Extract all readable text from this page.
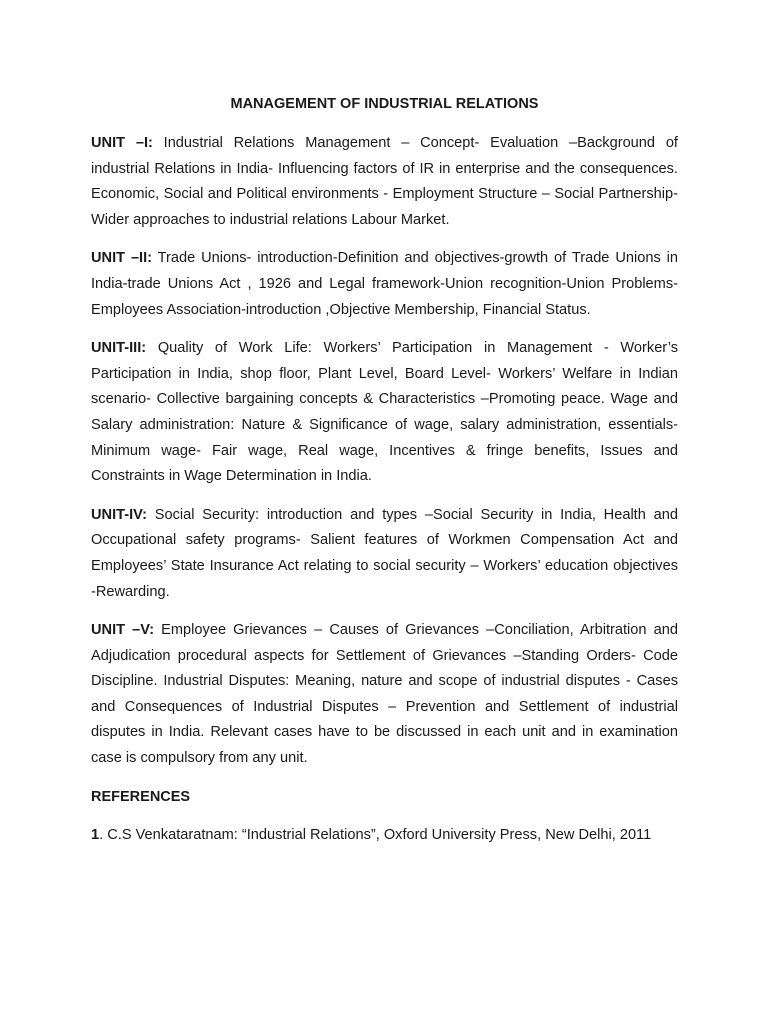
MANAGEMENT OF INDUSTRIAL RELATIONS

UNIT –I: Industrial Relations Management – Concept- Evaluation –Background of industrial Relations in India- Influencing factors of IR in enterprise and the consequences. Economic, Social and Political environments - Employment Structure – Social Partnership-Wider approaches to industrial relations Labour Market.

UNIT –II: Trade Unions- introduction-Definition and objectives-growth of Trade Unions in India-trade Unions Act , 1926 and Legal framework-Union recognition-Union Problems-Employees Association-introduction ,Objective Membership, Financial Status.

UNIT-III: Quality of Work Life: Workers’ Participation in Management - Worker’s Participation in India, shop floor, Plant Level, Board Level- Workers’ Welfare in Indian scenario- Collective bargaining concepts & Characteristics –Promoting peace. Wage and Salary administration: Nature & Significance of wage, salary administration, essentials- Minimum wage- Fair wage, Real wage, Incentives & fringe benefits, Issues and Constraints in Wage Determination in India.

UNIT-IV: Social Security: introduction and types –Social Security in India, Health and Occupational safety programs- Salient features of Workmen Compensation Act and Employees’ State Insurance Act relating to social security – Workers’ education objectives -Rewarding.

UNIT –V: Employee Grievances – Causes of Grievances –Conciliation, Arbitration and Adjudication procedural aspects for Settlement of Grievances –Standing Orders- Code Discipline. Industrial Disputes: Meaning, nature and scope of industrial disputes - Cases and Consequences of Industrial Disputes – Prevention and Settlement of industrial disputes in India. Relevant cases have to be discussed in each unit and in examination case is compulsory from any unit.

REFERENCES

1. C.S Venkataratnam: “Industrial Relations”, Oxford University Press, New Delhi, 2011
